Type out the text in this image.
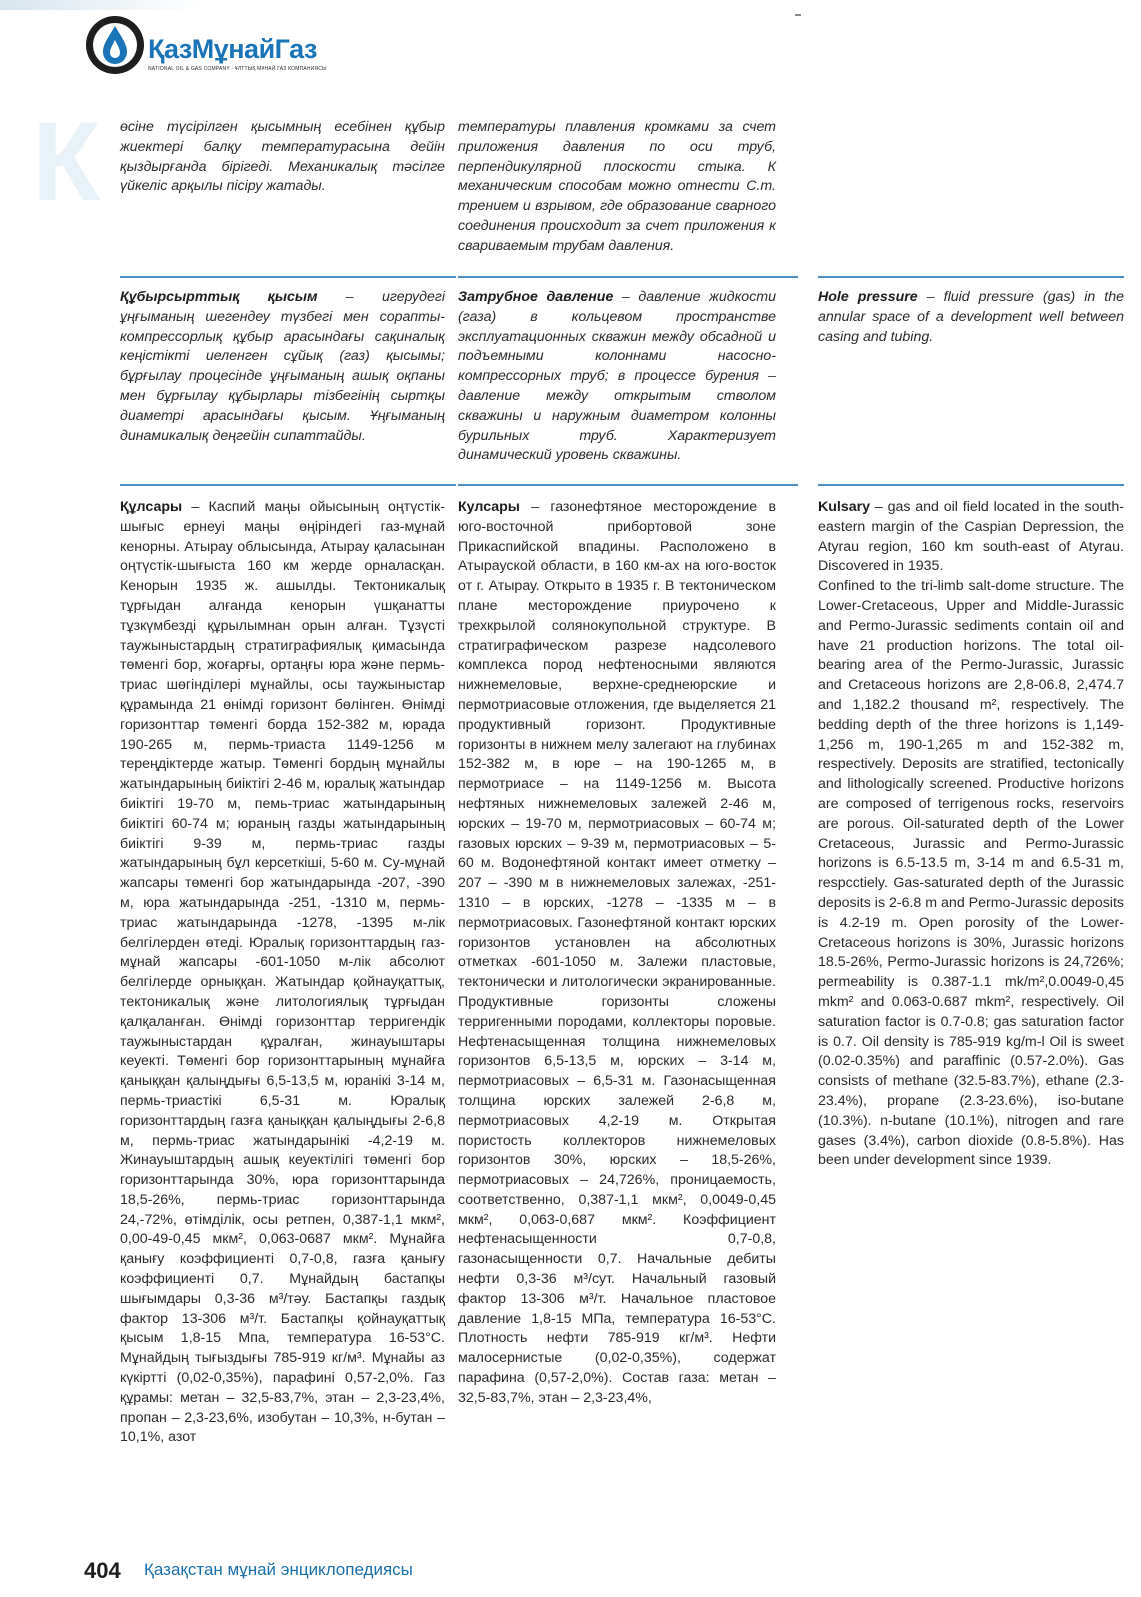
ҚазМұнайГаз
NATIONAL OIL & GAS COMPANY · ҰЛТТЫҚ МҰНАЙ ГАЗ КОМПАНИЯСЫ
К өсіне түсірілген қысымның есебінен құбыр жиектері балқу температурасына дейін қыздырғанда бірігеді. Механикалық тәсілге үйкеліс арқылы пісіру жатады.

температуры плавления кромками за счет приложения давления по оси труб, перпендикулярной плоскости стыка. К механическим способам можно отнести С.т. трением и взрывом, где образование сварного соединения происходит за счет приложения к свариваемым трубам давления.

Құбырсырттық қысым – игерудегі ұңғыманың шегендеу түзбегі мен сорапты-компрессорлық құбыр арасындағы сақиналық кеңістікті иеленген сұйық (газ) қысымы; бұрғылау процесінде ұңғыманың ашық оқпаны мен бұрғылау құбырлары тізбегінің сыртқы диаметрі арасындағы қысым. Ұңғыманың динамикалық деңгейін сипаттайды.

Затрубное давление – давление жидкости (газа) в кольцевом пространстве эксплуатационных скважин между обсадной и подъемными колоннами насосно-компрессорных труб; в процессе бурения – давление между открытым стволом скважины и наружным диаметром колонны бурильных труб. Характеризует динамический уровень скважины.

Hole pressure – fluid pressure (gas) in the annular space of a development well between casing and tubing.

Құлсары – Каспий маңы ойысының оңтүстік-шығыс ернеуі маңы өңіріндегі газ-мұнай кенорны. Атырау облысында, Атырау қаласынан оңтүстік-шығыста 160 км жерде орналасқан. Кенорын 1935 ж. ашылды. Тектоникалық тұрғыдан алғанда кенорын үшқанатты тұзкүмбезді құрылымнан орын алған. Тұзүсті таужыныстардың стратиграфиялық қимасында төменгі бор, жоғарғы, ортаңғы юра және пермь-триас шөгінділері мұнайлы, осы таужыныстар құрамында 21 өнімді горизонт бөлінген. Өнімді горизонттар төменгі борда 152-382 м, юрада 190-265 м, пермь-триаста 1149-1256 м тереңдіктерде жатыр. Төменгі бордың мұнайлы жатындарының биіктігі 2-46 м, юралық жатындар биіктігі 19-70 м, пемь-триас жатындарының биіктігі 60-74 м; юраның газды жатындарының биіктігі 9-39 м, пермь-триас газды жатындарының бұл керсеткіші, 5-60 м. Су-мұнай жапсары төменгі бор жатындарында -207, -390 м, юра жатындарында -251, -1310 м, пермь-триас жатындарында -1278, -1395 м-лік белгілерден өтеді. Юралық горизонттардың газ-мұнай жапсары -601-1050 м-лік абсолют белгілерде орныққан. Жатындар қойнауқаттық, тектоникалық және литологиялық тұрғыдан қалқаланған. Өнімді горизонттар терригендік таужыныстардан құралған, жинауыштары кеуекті. Төменгі бор горизонттарының мұнайға қаныққан қалыңдығы 6,5-13,5 м, юранікі 3-14 м, пермь-триастікі 6,5-31 м. Юралық горизонттардың газға қаныққан қалыңдығы 2-6,8 м, пермь-триас жатындарынікі -4,2-19 м. Жинауыштардың ашық кеуектілігі төменгі бор горизонттарында 30%, юра горизонттарында 18,5-26%, пермь-триас горизонттарында 24,-72%, өтімділік, осы ретпен, 0,387-1,1 мкм², 0,00-49-0,45 мкм², 0,063-0687 мкм². Мұнайға қанығу коэффициенті 0,7-0,8, газға қанығу коэффициенті 0,7. Мұнайдың бастапқы шығымдары 0,3-36 м³/тәу. Бастапқы газдық фактор 13-306 м³/т. Бастапқы қойнауқаттық қысым 1,8-15 Мпа, температура 16-53°С. Мұнайдың тығыздығы 785-919 кг/м³. Мұнайы аз күкіртті (0,02-0,35%), парафині 0,57-2,0%. Газ құрамы: метан – 32,5-83,7%, этан – 2,3-23,4%, пропан – 2,3-23,6%, изобутан – 10,3%, н-бутан – 10,1%, азот

Кулсары – газонефтяное месторождение в юго-восточной прибортовой зоне Прикаспийской впадины. Расположено в Атырауской области, в 160 км-ах на юго-восток от г. Атырау. Открыто в 1935 г. В тектоническом плане месторождение приурочено к трехкрылой солянокупольной структуре. В стратиграфическом разрезе надсолевого комплекса пород нефтеносными являются нижнемеловые, верхне-среднеюрские и пермотриасовые отложения, где выделяется 21 продуктивный горизонт. Продуктивные горизонты в нижнем мелу залегают на глубинах 152-382 м, в юре – на 190-1265 м, в пермотриасе – на 1149-1256 м. Высота нефтяных нижнемеловых залежей 2-46 м, юрских – 19-70 м, пермотриасовых – 60-74 м; газовых юрских – 9-39 м, пермотриасовых – 5-60 м. Водонефтяной контакт имеет отметку –207 – -390 м в нижнемеловых залежах, -251-1310 – в юрских, -1278 – -1335 м – в пермотриасовых. Газонефтяной контакт юрских горизонтов установлен на абсолютных отметках -601-1050 м. Залежи пластовые, тектонически и литологически экранированные. Продуктивные горизонты сложены терригенными породами, коллекторы поровые. Нефтенасыщенная толщина нижнемеловых горизонтов 6,5-13,5 м, юрских – 3-14 м, пермотриасовых – 6,5-31 м. Газонасыщенная толщина юрских залежей 2-6,8 м, пермотриасовых 4,2-19 м. Открытая пористость коллекторов нижнемеловых горизонтов 30%, юрских – 18,5-26%, пермотриасовых – 24,726%, проницаемость, соответственно, 0,387-1,1 мкм², 0,0049-0,45 мкм², 0,063-0,687 мкм². Коэффициент нефтенасыщенности 0,7-0,8, газонасыщенности 0,7. Начальные дебиты нефти 0,3-36 м³/сут. Начальный газовый фактор 13-306 м³/т. Начальное пластовое давление 1,8-15 МПа, температура 16-53°С. Плотность нефти 785-919 кг/м³. Нефти малосернистые (0,02-0,35%), содержат парафина (0,57-2,0%). Состав газа: метан – 32,5-83,7%, этан – 2,3-23,4%,

Kulsary – gas and oil field located in the south-eastern margin of the Caspian Depression, the Atyrau region, 160 km south-east of Atyrau. Discovered in 1935.

Confined to the tri-limb salt-dome structure. The Lower-Cretaceous, Upper and Middle-Jurassic and Permo-Jurassic sediments contain oil and have 21 production horizons. The total oil-bearing area of the Permo-Jurassic, Jurassic and Cretaceous horizons are 2,8-06.8, 2,474.7 and 1,182.2 thousand m², respectively. The bedding depth of the three horizons is 1,149-1,256 m, 190-1,265 m and 152-382 m, respectively. Deposits are stratified, tectonically and lithologically screened. Productive horizons are composed of terrigenous rocks, reservoirs are porous. Oil-saturated depth of the Lower Cretaceous, Jurassic and Permo-Jurassic horizons is 6.5-13.5 m, 3-14 m and 6.5-31 m, respcctiely. Gas-saturated depth of the Jurassic deposits is 2-6.8 m and Permo-Jurassic deposits is 4.2-19 m. Open porosity of the Lower-Cretaceous horizons is 30%, Jurassic horizons 18.5-26%, Permo-Jurassic horizons is 24,726%; permeability is 0.387-1.1 mk/m²,0.0049-0,45 mkm² and 0.063-0.687 mkm², respectively. Oil saturation factor is 0.7-0.8; gas saturation factor is 0.7. Oil density is 785-919 kg/m-l Oil is sweet (0.02-0.35%) and paraffinic (0.57-2.0%). Gas consists of methane (32.5-83.7%), ethane (2.3-23.4%), propane (2.3-23.6%), iso-butane (10.3%). n-butane (10.1%), nitrogen and rare gases (3.4%), carbon dioxide (0.8-5.8%). Has been under development since 1939.

404 Қазақстан мұнай энциклопедиясы
